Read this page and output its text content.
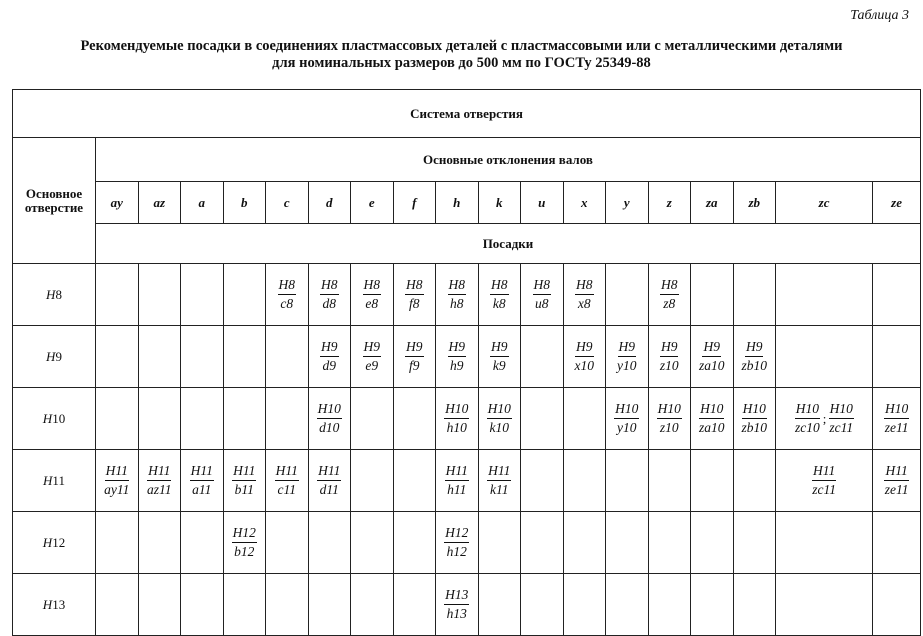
Таблица 3
Рекомендуемые посадки в соединениях пластмассовых деталей с пластмассовыми или с металлическими деталями
для номинальных размеров до 500 мм по ГОСТу 25349-88
Система отверстия																		
Основное отверстие	Основные отклонения валов																	
	ay	az	a	b	c	d	e	f	h	k	u	x	y	z	za	zb	zc	ze
	Посадки																	
H8					$\frac{H8}{c8}$	$\frac{H8}{d8}$	$\frac{H8}{e8}$	$\frac{H8}{f8}$	$\frac{H8}{h8}$	$\frac{H8}{k8}$	$\frac{H8}{u8}$	$\frac{H8}{x8}$		$\frac{H8}{z8}$

H9						$\frac{H9}{d9}$	$\frac{H9}{e9}$	$\frac{H9}{f9}$	$\frac{H9}{h9}$	$\frac{H9}{k9}$		$\frac{H9}{x10}$	$\frac{H9}{y10}$	$\frac{H9}{z10}$	$\frac{H9}{za10}$	$\frac{H9}{zb10}$

H10						$\frac{H10}{d10}$			$\frac{H10}{h10}$	$\frac{H10}{k10}$			$\frac{H10}{y10}$	$\frac{H10}{z10}$	$\frac{H10}{za10}$	$\frac{H10}{zb10}$	$\frac{H10}{zc10}$ ; $\frac{H10}{zc11}$	$\frac{H10}{ze11}$

H11	$\frac{H11}{ay11}$	$\frac{H11}{az11}$	$\frac{H11}{a11}$	$\frac{H11}{b11}$	$\frac{H11}{c11}$	$\frac{H11}{d11}$			$\frac{H11}{h11}$	$\frac{H11}{k11}$							$\frac{H11}{zc11}$	$\frac{H11}{ze11}$

H12				$\frac{H12}{b12}$					$\frac{H12}{h12}$

H13									$\frac{H13}{h13}$
